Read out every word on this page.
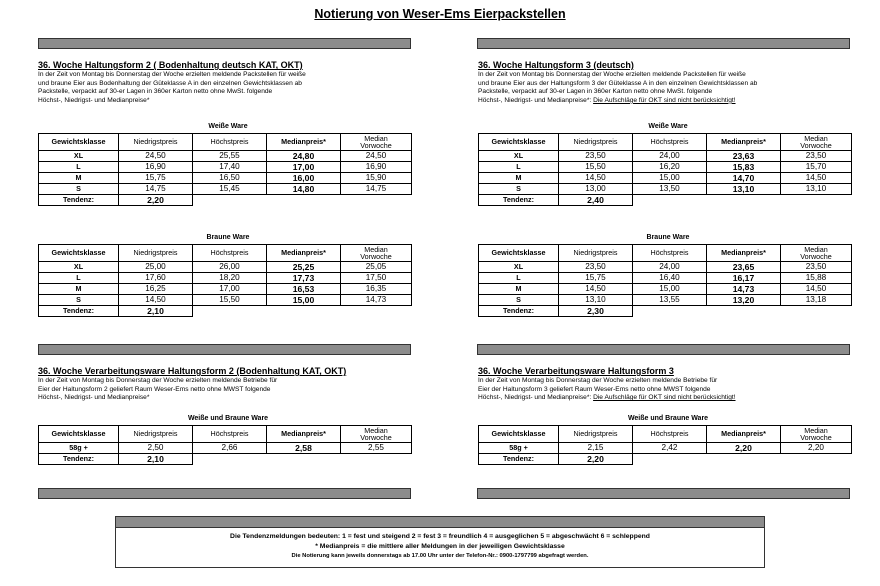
Notierung von Weser-Ems Eierpackstellen
36. Woche Haltungsform 2 ( Bodenhaltung deutsch KAT, OKT)
In der Zeit von Montag bis Donnerstag der Woche erzielten meldende Packstellen für weiße
und braune Eier aus Bodenhaltung der Güteklasse A in den einzelnen Gewichtsklassen ab
Packstelle, verpackt auf 30-er Lagen in 360er Karton netto ohne MwSt. folgende
Höchst-, Niedrigst- und Medianpreise*
Weiße Ware
Gewichtsklasse	Niedrigstpreis	Höchstpreis	Medianpreis*	Median
Vorwoche

XL	24,50	25,55	24,80	24,50
L	16,90	17,40	17,00	16,90
M	15,75	16,50	16,00	15,90
S	14,75	15,45	14,80	14,75
Tendenz:	2,20			
Braune Ware
Gewichtsklasse	Niedrigstpreis	Höchstpreis	Medianpreis*	Median
Vorwoche

XL	25,00	26,00	25,25	25,05
L	17,60	18,20	17,73	17,50
M	16,25	17,00	16,53	16,35
S	14,50	15,50	15,00	14,73
Tendenz:	2,10			
36. Woche Haltungsform 3 (deutsch)
In der Zeit von Montag bis Donnerstag der Woche erzielten meldende Packstellen für weiße
und braune Eier aus der Haltungsform 3 der Güteklasse A in den einzelnen Gewichtsklassen ab
Packstelle, verpackt auf 30-er Lagen in 360er Karton netto ohne MwSt. folgende
Höchst-, Niedrigst- und Medianpreise*: Die Aufschläge für OKT sind nicht berücksichtigt!
Weiße Ware
Gewichtsklasse	Niedrigstpreis	Höchstpreis	Medianpreis*	Median
Vorwoche

XL	23,50	24,00	23,63	23,50
L	15,50	16,20	15,83	15,70
M	14,50	15,00	14,70	14,50
S	13,00	13,50	13,10	13,10
Tendenz:	2,40			
Braune Ware
Gewichtsklasse	Niedrigstpreis	Höchstpreis	Medianpreis*	Median
Vorwoche

XL	23,50	24,00	23,65	23,50
L	15,75	16,40	16,17	15,88
M	14,50	15,00	14,73	14,50
S	13,10	13,55	13,20	13,18
Tendenz:	2,30			
36. Woche Verarbeitungsware Haltungsform 2 (Bodenhaltung KAT, OKT)
In der Zeit von Montag bis Donnerstag der Woche erzielten meldende Betriebe für
Eier der Haltungsform 2 geliefert Raum Weser-Ems netto ohne MWST folgende
Höchst-, Niedrigst- und Medianpreise*
Weiße und Braune Ware
Gewichtsklasse	Niedrigstpreis	Höchstpreis	Medianpreis*	Median
Vorwoche

58g +	2,50	2,66	2,58	2,55
Tendenz:	2,10			
36. Woche Verarbeitungsware Haltungsform 3
In der Zeit von Montag bis Donnerstag der Woche erzielten meldende Betriebe für
Eier der Haltungsform 3 geliefert Raum Weser-Ems netto ohne MWST folgende
Höchst-, Niedrigst- und Medianpreise*: Die Aufschläge für OKT sind nicht berücksichtigt!
Weiße und Braune Ware
Gewichtsklasse	Niedrigstpreis	Höchstpreis	Medianpreis*	Median
Vorwoche

58g +	2,15	2,42	2,20	2,20
Tendenz:	2,20			
Die Tendenzmeldungen bedeuten: 1 = fest und steigend 2 = fest 3 = freundlich 4 = ausgeglichen 5 = abgeschwächt 6 = schleppend
* Medianpreis = die mittlere aller Meldungen in der jeweiligen Gewichtsklasse
Die Notierung kann jeweils donnerstags ab 17.00 Uhr unter der Telefon-Nr.: 0900-1797799 abgefragt werden.
